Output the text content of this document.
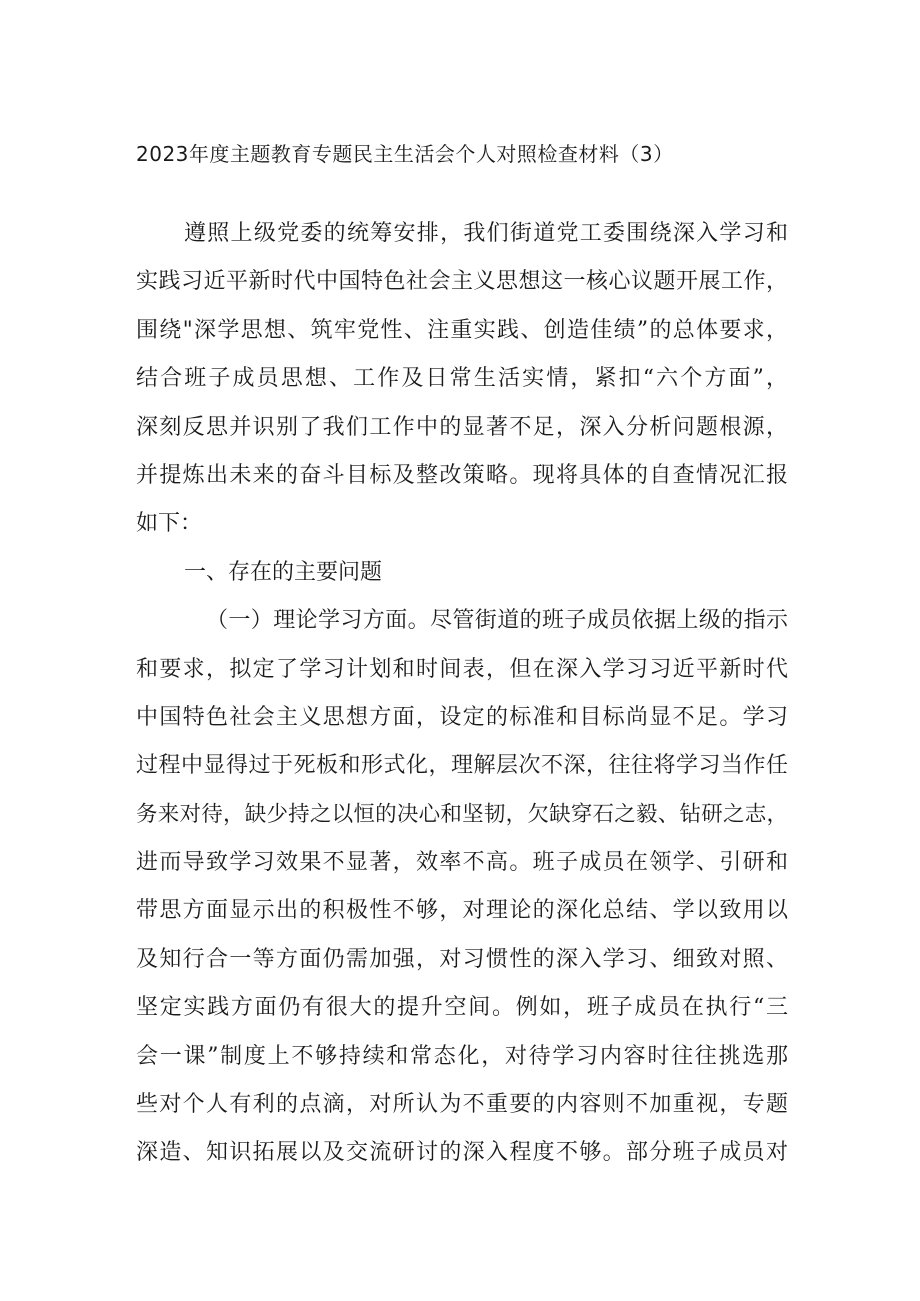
2023年度主题教育专题民主生活会个人对照检查材料（3）
遵照上级党委的统筹安排，我们街道党工委围绕深入学习和
实践习近平新时代中国特色社会主义思想这一核心议题开展工作，
围绕"深学思想、筑牢党性、注重实践、创造佳绩”的总体要求，
结合班子成员思想、工作及日常生活实情，紧扣“六个方面”，
深刻反思并识别了我们工作中的显著不足，深入分析问题根源，
并提炼出未来的奋斗目标及整改策略。现将具体的自查情况汇报
如下：
一、存在的主要问题
（一）理论学习方面。尽管街道的班子成员依据上级的指示
和要求，拟定了学习计划和时间表，但在深入学习习近平新时代
中国特色社会主义思想方面，设定的标准和目标尚显不足。学习
过程中显得过于死板和形式化，理解层次不深，往往将学习当作任
务来对待，缺少持之以恒的决心和坚韧，欠缺穿石之毅、钻研之志，
进而导致学习效果不显著，效率不高。班子成员在领学、引研和
带思方面显示出的积极性不够，对理论的深化总结、学以致用以
及知行合一等方面仍需加强，对习惯性的深入学习、细致对照、
坚定实践方面仍有很大的提升空间。例如，班子成员在执行“三
会一课”制度上不够持续和常态化，对待学习内容时往往挑选那
些对个人有利的点滴，对所认为不重要的内容则不加重视，专题
深造、知识拓展以及交流研讨的深入程度不够。部分班子成员对
